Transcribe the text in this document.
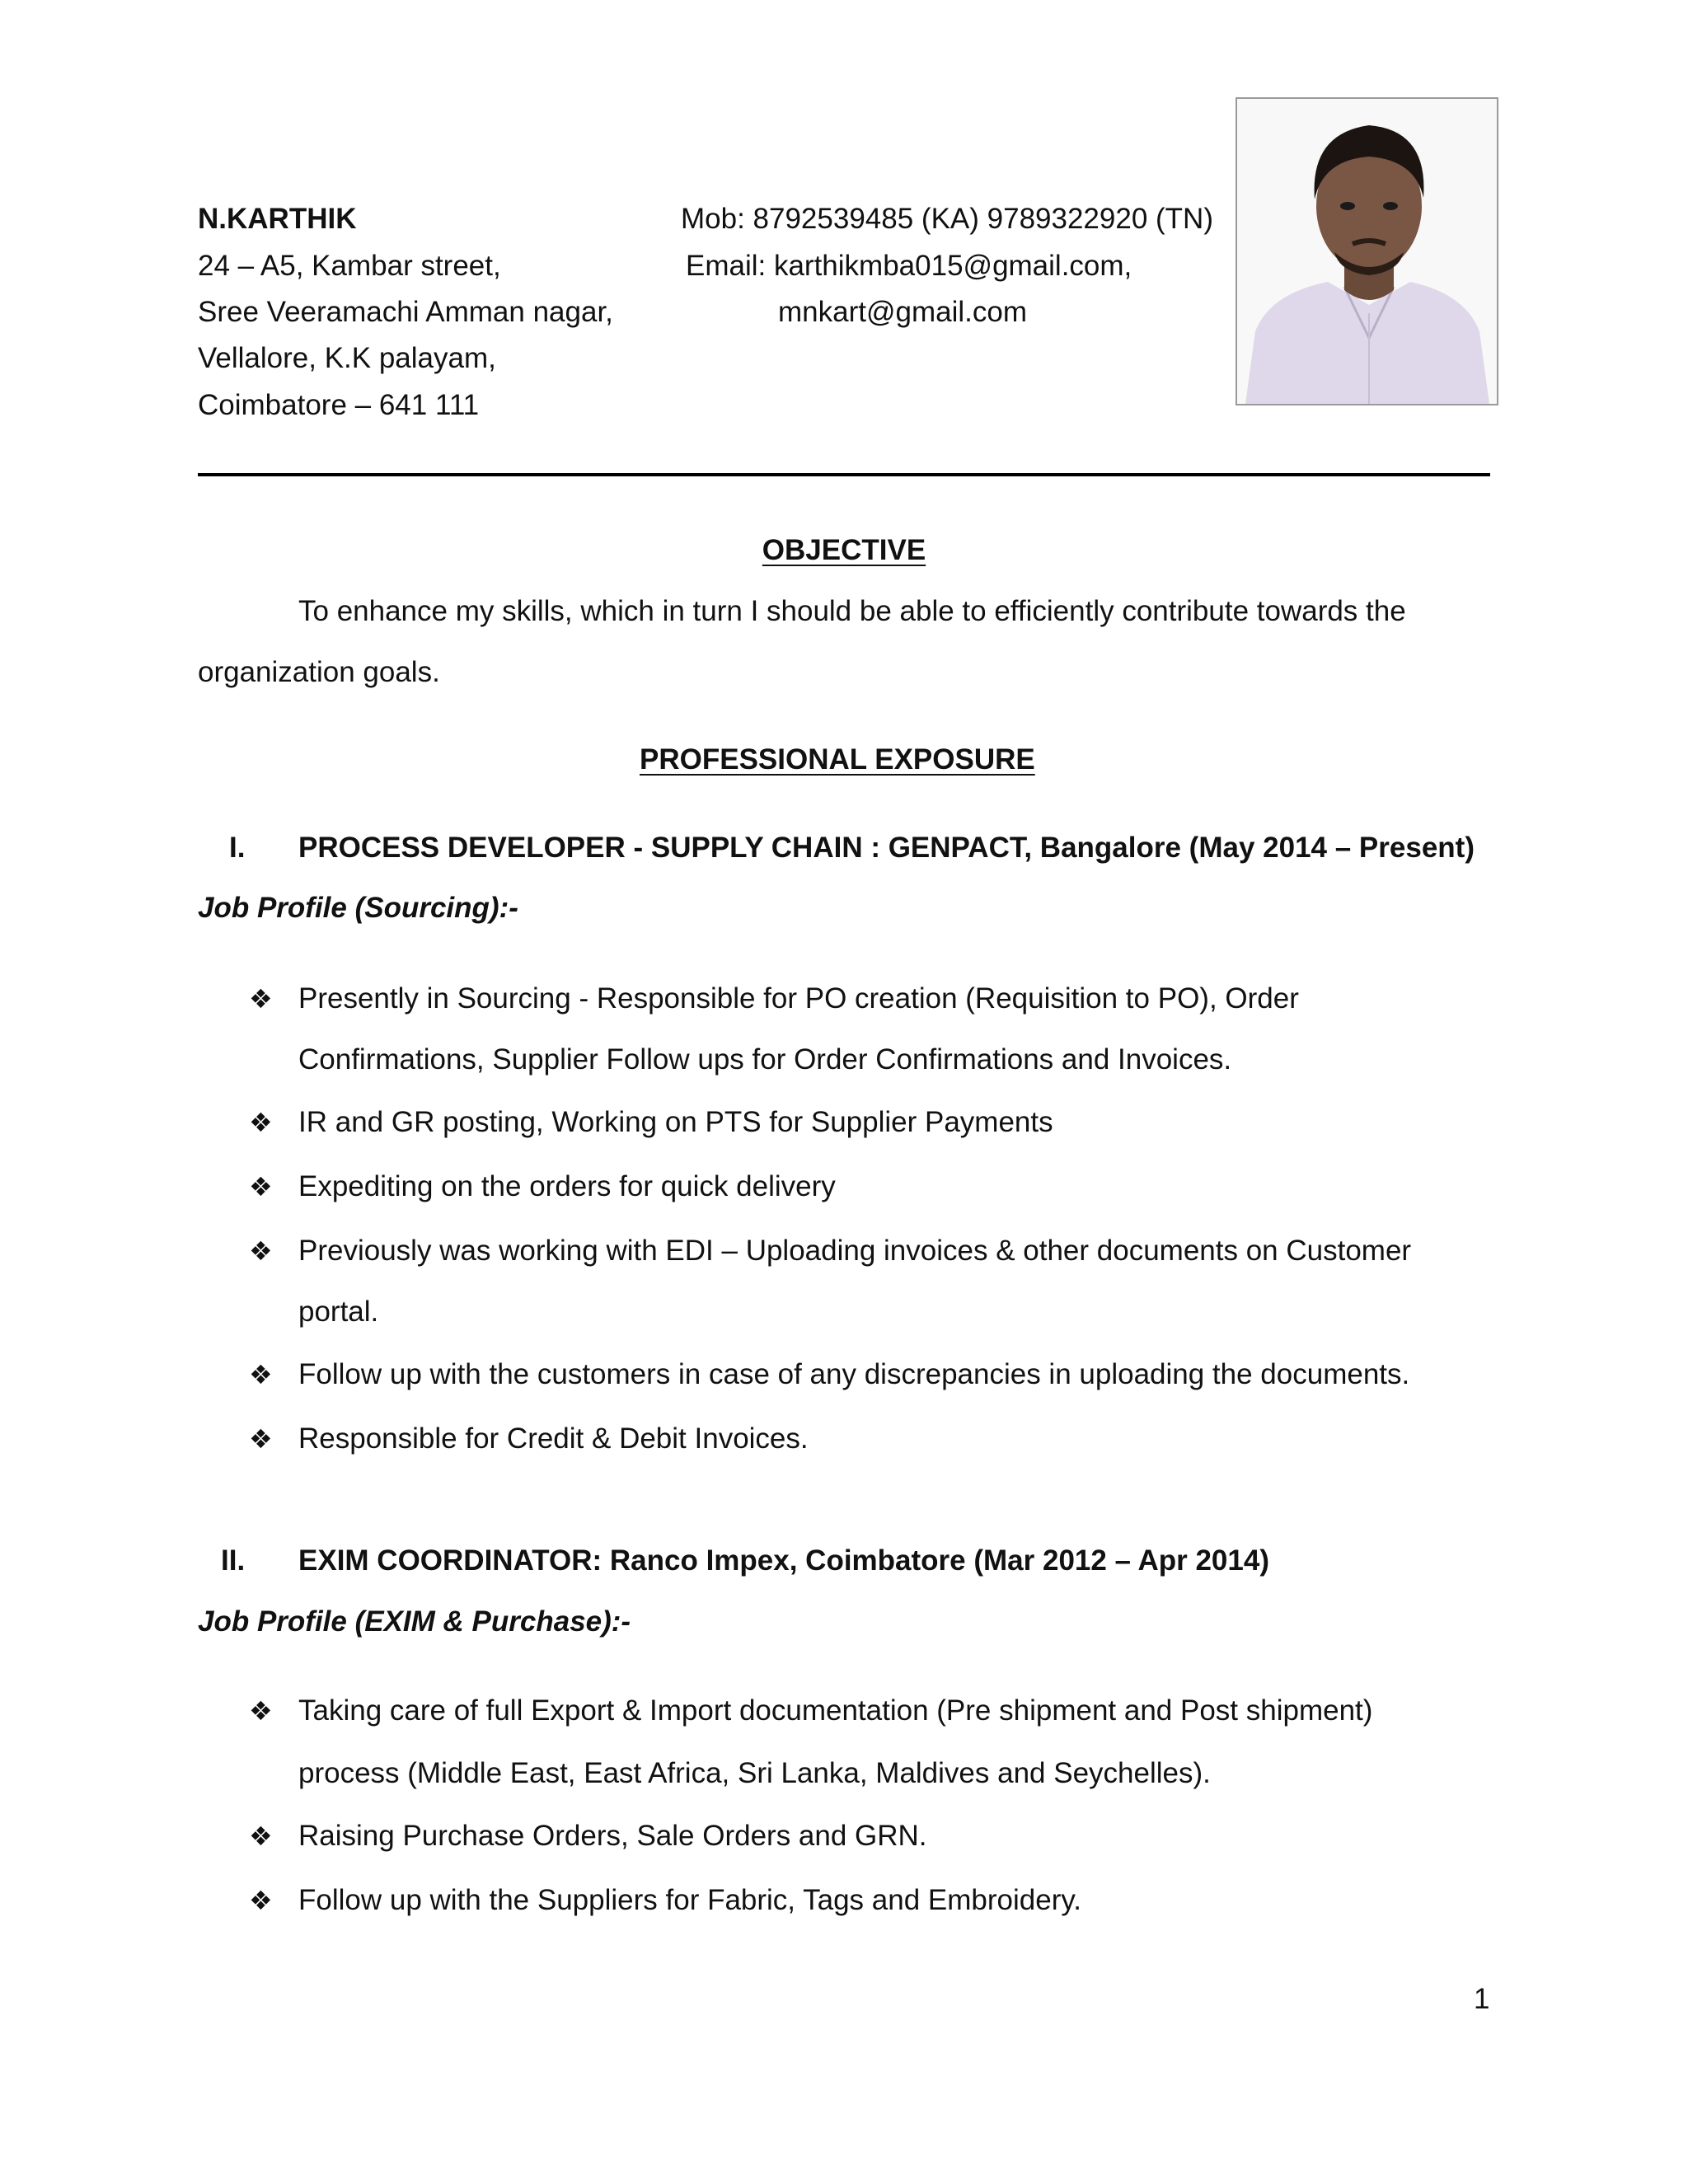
N.KARTHIK
24 – A5, Kambar street,
Sree Veeramachi Amman nagar,
Vellalore, K.K palayam,
Coimbatore – 641 111
Mob: 8792539485 (KA) 9789322920 (TN)
Email: karthikmba015@gmail.com,
mnkart@gmail.com
OBJECTIVE
To enhance my skills, which in turn I should be able to efficiently contribute towards the
organization goals.
PROFESSIONAL EXPOSURE
I. PROCESS DEVELOPER - SUPPLY CHAIN : GENPACT, Bangalore (May 2014 – Present)
Job Profile (Sourcing):-
❖ Presently in Sourcing - Responsible for PO creation (Requisition to PO), Order
Confirmations, Supplier Follow ups for Order Confirmations and Invoices.
❖ IR and GR posting, Working on PTS for Supplier Payments
❖ Expediting on the orders for quick delivery
❖ Previously was working with EDI – Uploading invoices & other documents on Customer
portal.
❖ Follow up with the customers in case of any discrepancies in uploading the documents.
❖ Responsible for Credit & Debit Invoices.
II. EXIM COORDINATOR: Ranco Impex, Coimbatore (Mar 2012 – Apr 2014)
Job Profile (EXIM & Purchase):-
❖ Taking care of full Export & Import documentation (Pre shipment and Post shipment)
process (Middle East, East Africa, Sri Lanka, Maldives and Seychelles).
❖ Raising Purchase Orders, Sale Orders and GRN.
❖ Follow up with the Suppliers for Fabric, Tags and Embroidery.
1
